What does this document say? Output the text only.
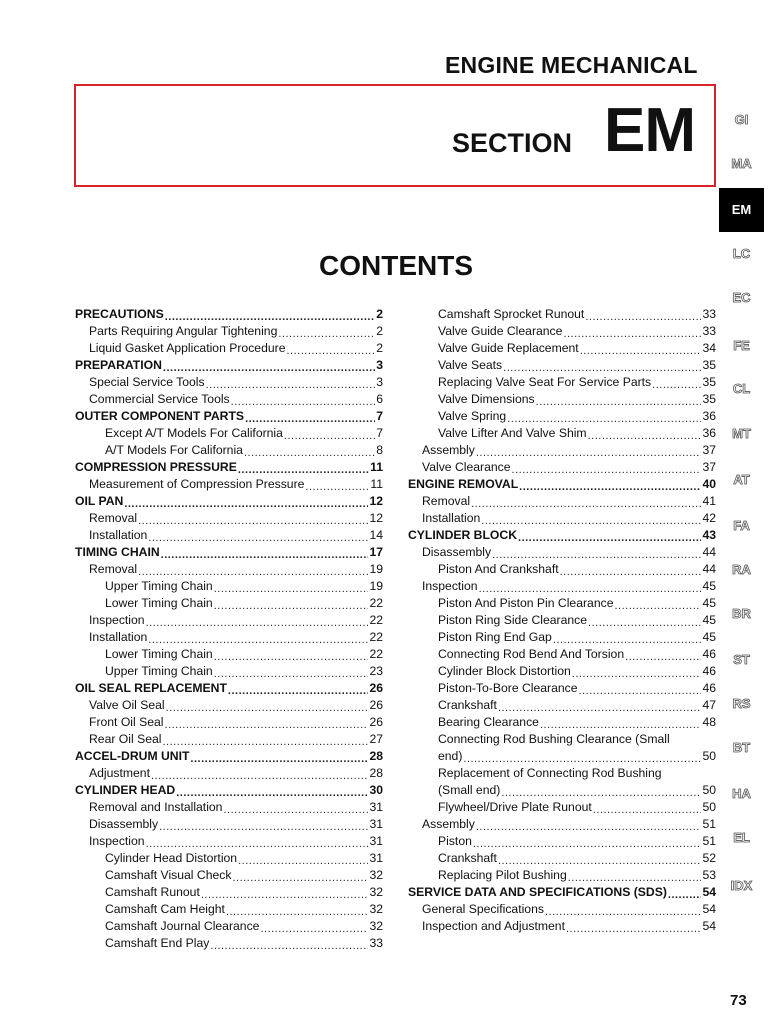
ENGINE MECHANICAL
SECTION EM
CONTENTS
PRECAUTIONS .....	2
Parts Requiring Angular Tightening .....	2
Liquid Gasket Application Procedure .....	2
PREPARATION .....	3
Special Service Tools .....	3
Commercial Service Tools .....	6
OUTER COMPONENT PARTS .....	7
Except A/T Models For California .....	7
A/T Models For California .....	8
COMPRESSION PRESSURE .....	11
Measurement of Compression Pressure .....	11
OIL PAN .....	12
Removal .....	12
Installation .....	14
TIMING CHAIN .....	17
Removal .....	19
Upper Timing Chain .....	19
Lower Timing Chain .....	22
Inspection .....	22
Installation .....	22
Lower Timing Chain .....	22
Upper Timing Chain .....	23
OIL SEAL REPLACEMENT .....	26
Valve Oil Seal .....	26
Front Oil Seal .....	26
Rear Oil Seal .....	27
ACCEL-DRUM UNIT .....	28
Adjustment .....	28
CYLINDER HEAD .....	30
Removal and Installation .....	31
Disassembly .....	31
Inspection .....	31
Cylinder Head Distortion .....	31
Camshaft Visual Check .....	32
Camshaft Runout .....	32
Camshaft Cam Height .....	32
Camshaft Journal Clearance .....	32
Camshaft End Play .....	33
Camshaft Sprocket Runout .....	33
Valve Guide Clearance .....	33
Valve Guide Replacement .....	34
Valve Seats .....	35
Replacing Valve Seat For Service Parts .....	35
Valve Dimensions .....	35
Valve Spring .....	36
Valve Lifter And Valve Shim .....	36
Assembly .....	37
Valve Clearance .....	37
ENGINE REMOVAL .....	40
Removal .....	41
Installation .....	42
CYLINDER BLOCK .....	43
Disassembly .....	44
Piston And Crankshaft .....	44
Inspection .....	45
Piston And Piston Pin Clearance .....	45
Piston Ring Side Clearance .....	45
Piston Ring End Gap .....	45
Connecting Rod Bend And Torsion .....	46
Cylinder Block Distortion .....	46
Piston-To-Bore Clearance .....	46
Crankshaft .....	47
Bearing Clearance .....	48
Connecting Rod Bushing Clearance (Small
end) .....	50
Replacement of Connecting Rod Bushing
(Small end) .....	50
Flywheel/Drive Plate Runout .....	50
Assembly .....	51
Piston .....	51
Crankshaft .....	52
Replacing Pilot Bushing .....	53
SERVICE DATA AND SPECIFICATIONS (SDS) .....	54
General Specifications .....	54
Inspection and Adjustment .....	54
GI
MA
EM
LC
EC
FE
CL
MT
AT
FA
RA
BR
ST
RS
BT
HA
EL
IDX
73
